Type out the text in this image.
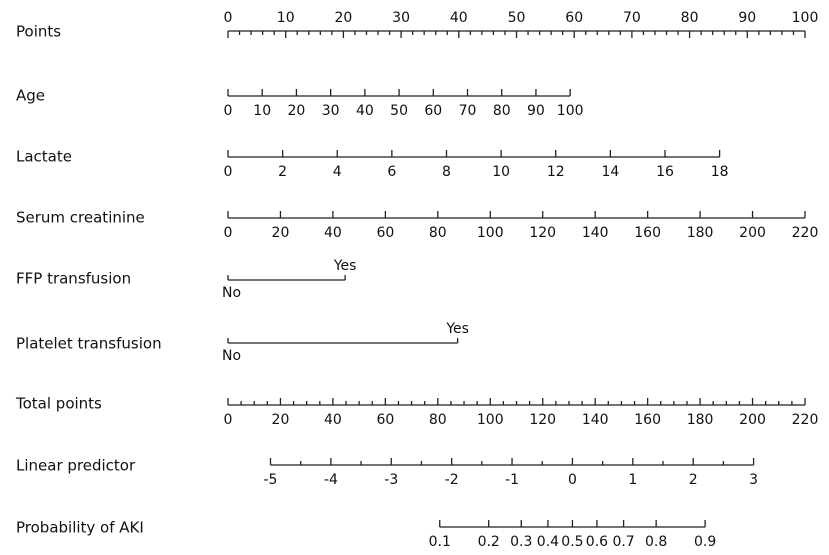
Points
0	10	20	30	40	50	60	70	80	90	100
Age
0 10 20 30 40 50 60 70 80 90 100
Lactate
0	2	4	6	8	10	12	14	16	18
Serum creatinine
0	20 40 60 80 100 120 140 160 180 200 220
FFP transfusion
No
Yes
Platelet transfusion
No
Yes
Total points
0	20 40 60 80 100 120 140 160 180 200 220
Linear predictor
-5	-4	-3	-2	-1	0	1	2	3
Probability of AKI
0.1 0.2 0.3 0.4 0.5 0.6 0.7 0.8 0.9
